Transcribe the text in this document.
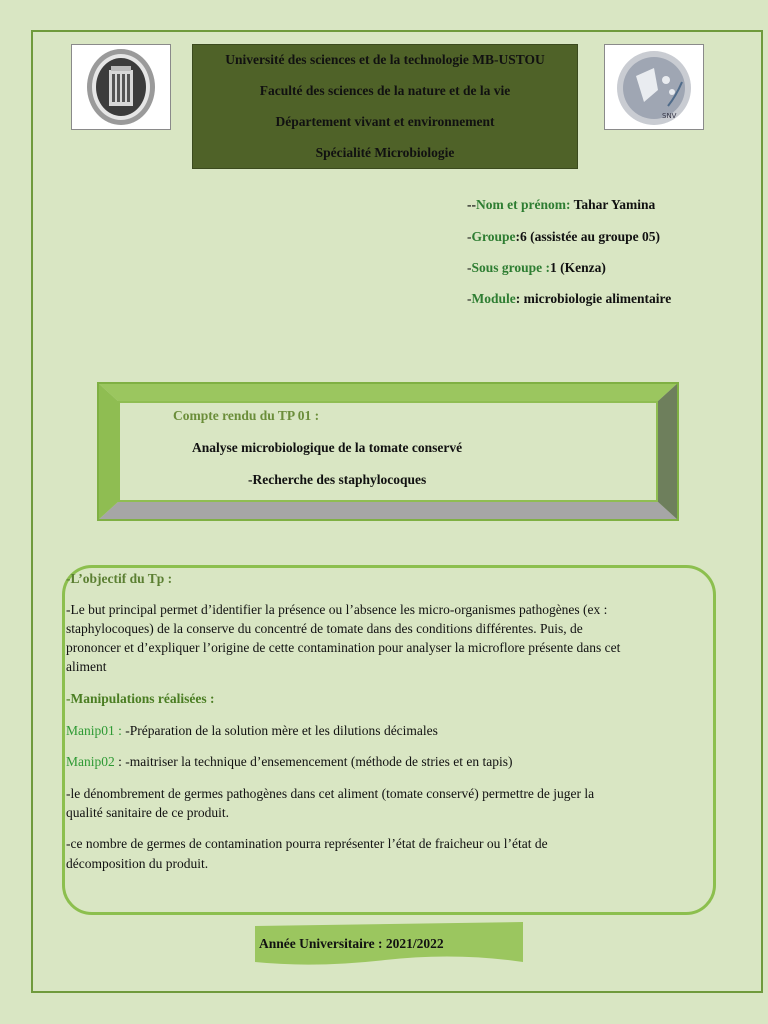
Université des sciences et de la technologie MB-USTOU
Faculté des sciences de la nature et de la vie
Département vivant et environnement
Spécialité Microbiologie
SNV
--Nom et prénom: Tahar Yamina
-Groupe:6 (assistée au groupe 05)
-Sous groupe :1 (Kenza)
-Module: microbiologie alimentaire
Compte rendu du TP 01 :
Analyse microbiologique de la tomate conservé
-Recherche des staphylocoques
-L’objectif du Tp :
-Le but principal permet d’identifier la présence ou l’absence les micro-organismes pathogènes (ex :
staphylocoques) de la conserve du concentré de tomate dans des conditions différentes. Puis, de
prononcer et d’expliquer l’origine de cette contamination pour analyser la microflore présente dans cet
aliment
-Manipulations réalisées :
Manip01 : -Préparation de la solution mère et les dilutions décimales
Manip02 : -maitriser la technique d’ensemencement (méthode de stries et en tapis)
-le dénombrement de germes pathogènes dans cet aliment (tomate conservé) permettre de juger la
qualité sanitaire de ce produit.
-ce nombre de germes de contamination pourra représenter l’état de fraicheur ou l’état de
décomposition du produit.
Année Universitaire : 2021/2022
